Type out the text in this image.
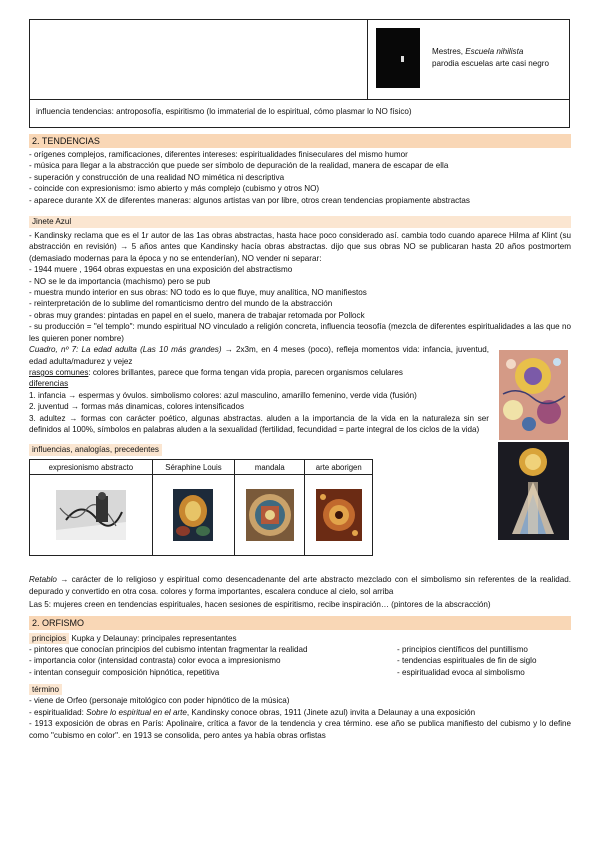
Mestres, Escuela nihilista
parodia escuelas arte casi negro
influencia tendencias: antroposofía, espiritismo (lo immaterial de lo espiritual, cómo plasmar lo NO físico)
2. TENDENCIAS
- orígenes complejos, ramificaciones, diferentes intereses: espiritualidades finiseculares del mismo humor
- música para llegar a la abstracción que puede ser símbolo de depuración de la realidad, manera de escapar de ella
- superación y construcción de una realidad NO mimética ni descriptiva
- coincide con expresionismo: ismo abierto y más complejo (cubismo y otros NO)
- aparece durante XX de diferentes maneras: algunos artistas van por libre, otros crean tendencias propiamente abstractas
Jinete Azul
- Kandinsky reclama que es el 1r autor de las 1as obras abstractas, hasta hace poco considerado así. cambia todo cuando aparece Hilma af Klint (su abstracción en revisión) → 5 años antes que Kandinsky hacía obras abstractas. dijo que sus obras NO se publicaran hasta 20 años postmortem (demasiado modernas para la época y no se entenderían), NO vender ni separar:
- 1944 muere , 1964 obras expuestas en una exposición del abstractismo
- NO se le da importancia (machismo) pero se pub
- muestra mundo interior en sus obras: NO todo es lo que fluye, muy analítica, NO manifiestos
- reinterpretación de lo sublime del romanticismo dentro del mundo de la abstracción
- obras muy grandes: pintadas en papel en el suelo, manera de trabajar retomada por Pollock
- su producción = "el templo": mundo espiritual NO vinculado a religión concreta, influencia teosofía (mezcla de diferentes espiritualidades a las que no les quieren poner nombre)
Cuadro, nº 7: La edad adulta (Las 10 más grandes) → 2x3m, en 4 meses (poco), refleja momentos vida: infancia, juventud, edad adulta/madurez y vejez
rasgos comunes: colores brillantes, parece que forma tengan vida propia, parecen organismos celulares
diferencias
1. infancia → espermas y óvulos. simbolismo colores: azul masculino, amarillo femenino, verde vida (fusión)
2. juventud → formas más dinamicas, colores intensificados
3. adultez → formas con carácter poético, algunas abstractas. aluden a la importancia de la vida en la naturaleza sin ser definidos al 100%, símbolos en palabras aluden a la sexualidad (fertilidad, fecundidad = parte integral de los ciclos de la vida)
influencias, analogías, precedentes
expresionismo abstracto	Séraphine Louis	mandala	arte aborigen

Retablo → carácter de lo religioso y espiritual como desencadenante del arte abstracto mezclado con el simbolismo sin referentes de la realidad. depurado y convertido en otra cosa. colores y forma importantes, escalera conduce al cielo, sol arriba
Las 5: mujeres creen en tendencias espirituales, hacen sesiones de espiritismo, recibe inspiración… (pintores de la abscracción)
2. ORFISMO
principios Kupka y Delaunay: principales representantes
- pintores que conocían principios del cubismo intentan fragmentar la realidad
- importancia color (intensidad contrasta) color evoca a impresionismo
- intentan conseguir composición hipnótica, repetitiva
- principios científicos del puntillismo
- tendencias espirituales de fin de siglo
- espiritualidad evoca al simbolismo
término
- viene de Orfeo (personaje mitológico con poder hipnótico de la música)
- espiritualidad: Sobre lo espiritual en el arte, Kandinsky conoce obras, 1911 (Jinete azul) invita a Delaunay a una exposición
- 1913 exposición de obras en París: Apolinaire, crítica a favor de la tendencia y crea término. ese año se publica manifiesto del cubismo y lo define como "cubismo en color". en 1913 se consolida, pero antes ya había obras orfistas
